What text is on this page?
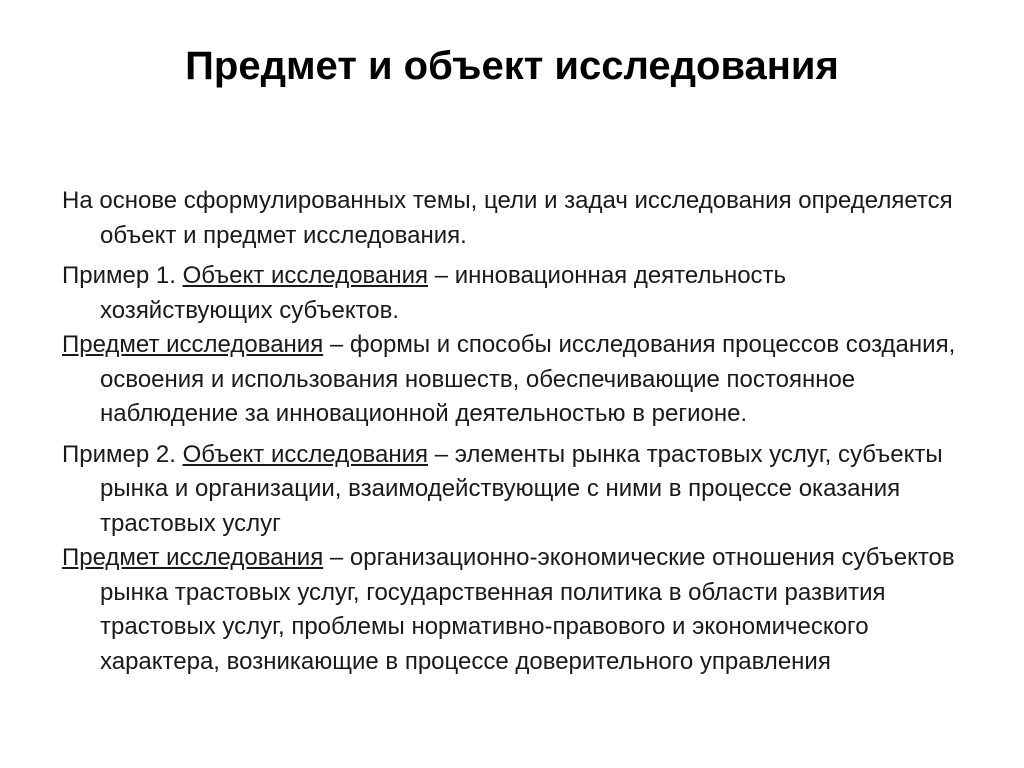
Предмет и объект исследования

На основе сформулированных темы, цели и задач исследования определяется объект и предмет исследования.

Пример 1. Объект исследования – инновационная деятельность хозяйствующих субъектов.

Предмет исследования – формы и способы исследования процессов создания, освоения и использования новшеств, обеспечивающие постоянное наблюдение за инновационной деятельностью в регионе.

Пример 2. Объект исследования – элементы рынка трастовых услуг, субъекты рынка и организации, взаимодействующие с ними в процессе оказания трастовых услуг

Предмет исследования – организационно-экономические отношения субъектов рынка трастовых услуг, государственная политика в области развития трастовых услуг, проблемы нормативно-правового и экономического характера, возникающие в процессе доверительного управления
